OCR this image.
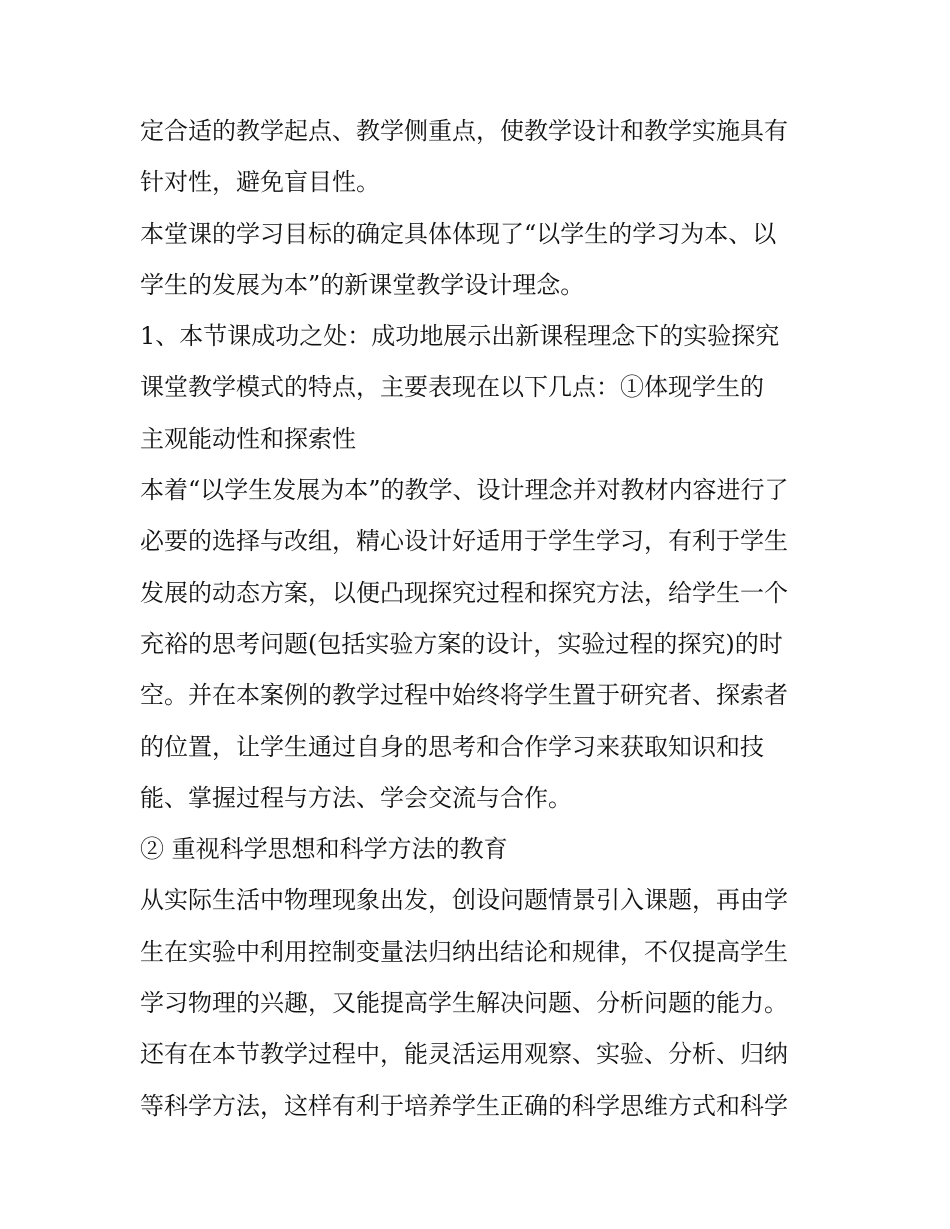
定合适的教学起点、教学侧重点，使教学设计和教学实施具有

针对性，避免盲目性。

本堂课的学习目标的确定具体体现了“以学生的学习为本、以

学生的发展为本”的新课堂教学设计理念。

1、本节课成功之处：成功地展示出新课程理念下的实验探究

课堂教学模式的特点，主要表现在以下几点：①体现学生的

主观能动性和探索性

本着“以学生发展为本”的教学、设计理念并对教材内容进行了

必要的选择与改组，精心设计好适用于学生学习，有利于学生

发展的动态方案，以便凸现探究过程和探究方法，给学生一个

充裕的思考问题(包括实验方案的设计，实验过程的探究)的时

空。并在本案例的教学过程中始终将学生置于研究者、探索者

的位置，让学生通过自身的思考和合作学习来获取知识和技

能、掌握过程与方法、学会交流与合作。

② 重视科学思想和科学方法的教育

从实际生活中物理现象出发，创设问题情景引入课题，再由学

生在实验中利用控制变量法归纳出结论和规律，不仅提高学生

学习物理的兴趣，又能提高学生解决问题、分析问题的能力。

还有在本节教学过程中，能灵活运用观察、实验、分析、归纳

等科学方法，这样有利于培养学生正确的科学思维方式和科学
